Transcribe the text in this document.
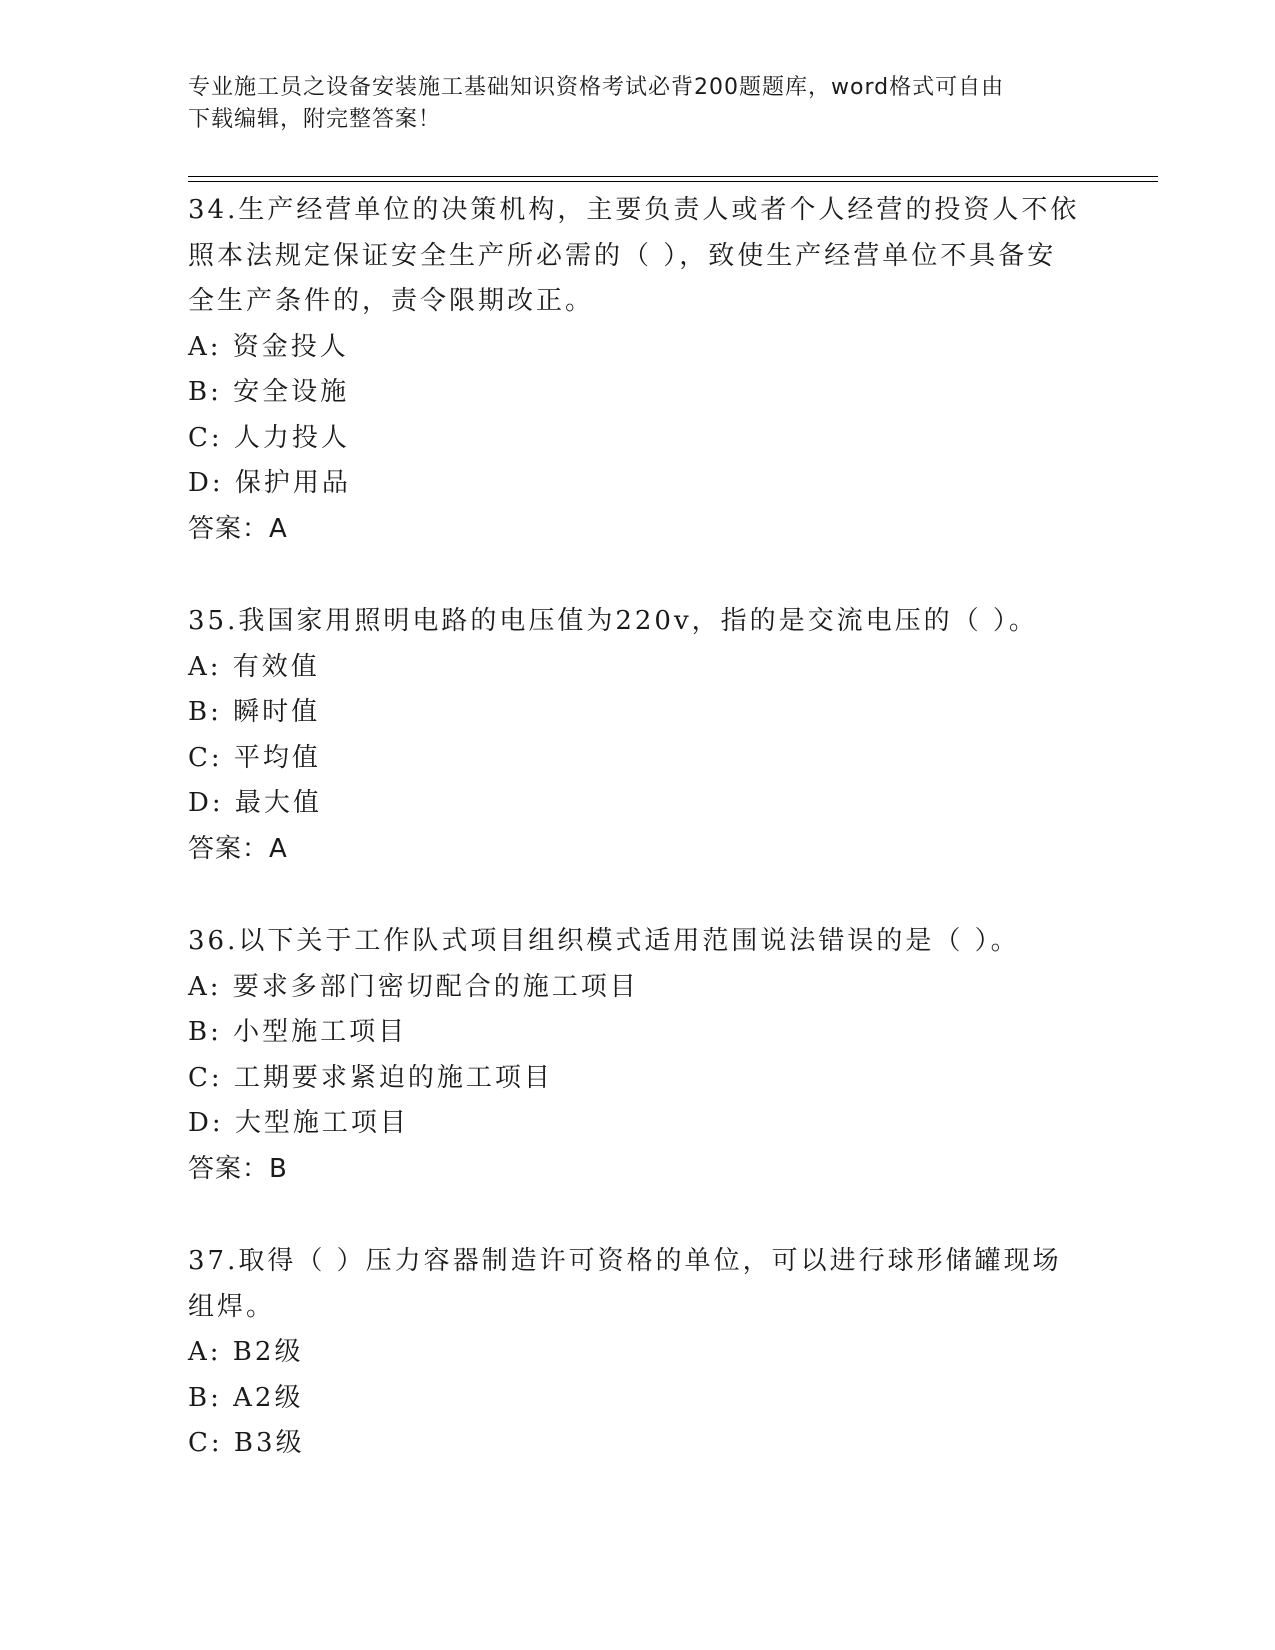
专业施工员之设备安装施工基础知识资格考试必背200题题库，word格式可自由
下载编辑，附完整答案！
34.生产经营单位的决策机构，主要负责人或者个人经营的投资人不依
照本法规定保证安全生产所必需的（ ），致使生产经营单位不具备安
全生产条件的，责令限期改正。
A: 资金投人
B: 安全设施
C: 人力投人
D: 保护用品
答案：A
35.我国家用照明电路的电压值为220v，指的是交流电压的（ ）。
A: 有效值
B: 瞬时值
C: 平均值
D: 最大值
答案：A
36.以下关于工作队式项目组织模式适用范围说法错误的是（ ）。
A: 要求多部门密切配合的施工项目
B: 小型施工项目
C: 工期要求紧迫的施工项目
D: 大型施工项目
答案：B
37.取得（ ）压力容器制造许可资格的单位，可以进行球形储罐现场
组焊。
A: B2级
B: A2级
C: B3级
